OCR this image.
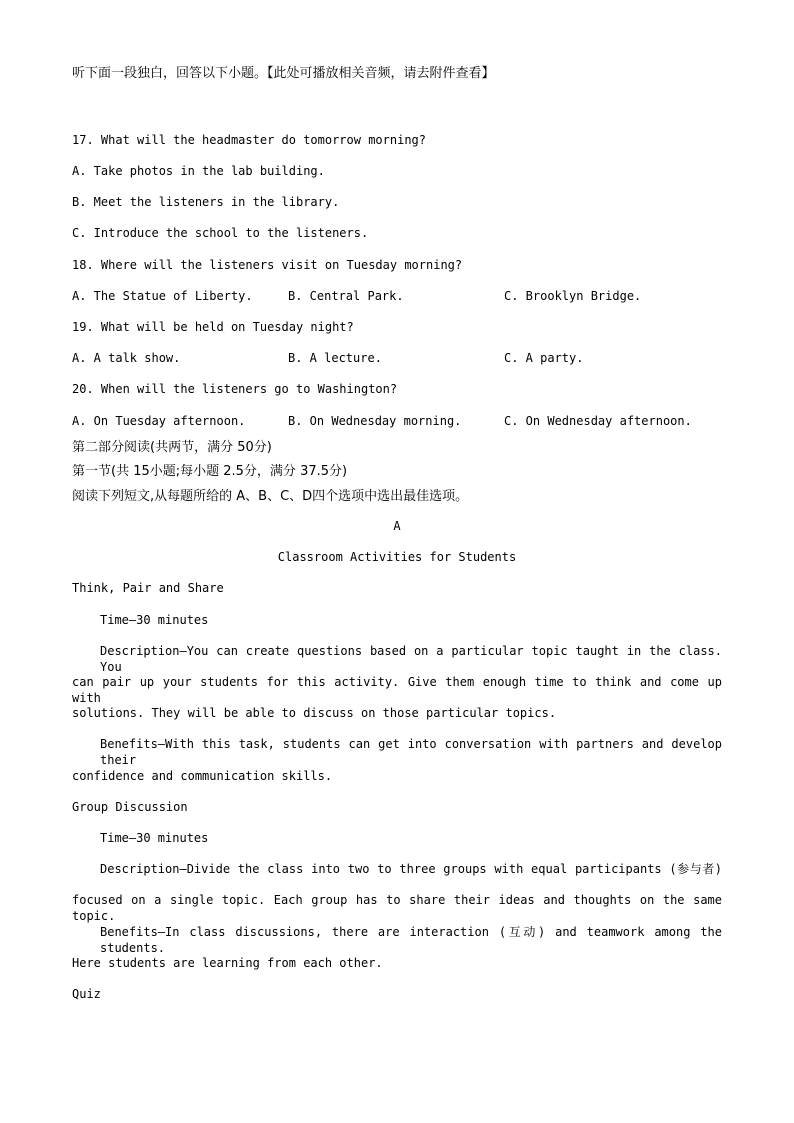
听下面一段独白，回答以下小题。【此处可播放相关音频，请去附件查看】
17. What will the headmaster do tomorrow morning?
A. Take photos in the lab building.
B. Meet the listeners in the library.
C. Introduce the school to the listeners.
18. Where will the listeners visit on Tuesday morning?
A. The Statue of Liberty.	B. Central Park.	C. Brooklyn Bridge.
19. What will be held on Tuesday night?
A. A talk show.	B. A lecture.	C. A party.
20. When will the listeners go to Washington?
A. On Tuesday afternoon.	B. On Wednesday morning.	C. On Wednesday afternoon.
第二部分阅读(共两节，满分 50分)
第一节(共 15小题;每小题 2.5分，满分 37.5分)
阅读下列短文,从每题所给的 A、B、C、D四个选项中选出最佳选项。
A
Classroom Activities for Students
Think, Pair and Share
Time—30 minutes
Description—You can create questions based on a particular topic taught in the class. You
can pair up your students for this activity. Give them enough time to think and come up with
solutions. They will be able to discuss on those particular topics.
Benefits—With this task, students can get into conversation with partners and develop their
confidence and communication skills.
Group Discussion
Time—30 minutes
Description—Divide the class into two to three groups with equal participants (参与者)
focused on a single topic. Each group has to share their ideas and thoughts on the same topic.
Benefits—In class discussions, there are interaction (互动) and teamwork among the students.
Here students are learning from each other.
Quiz
